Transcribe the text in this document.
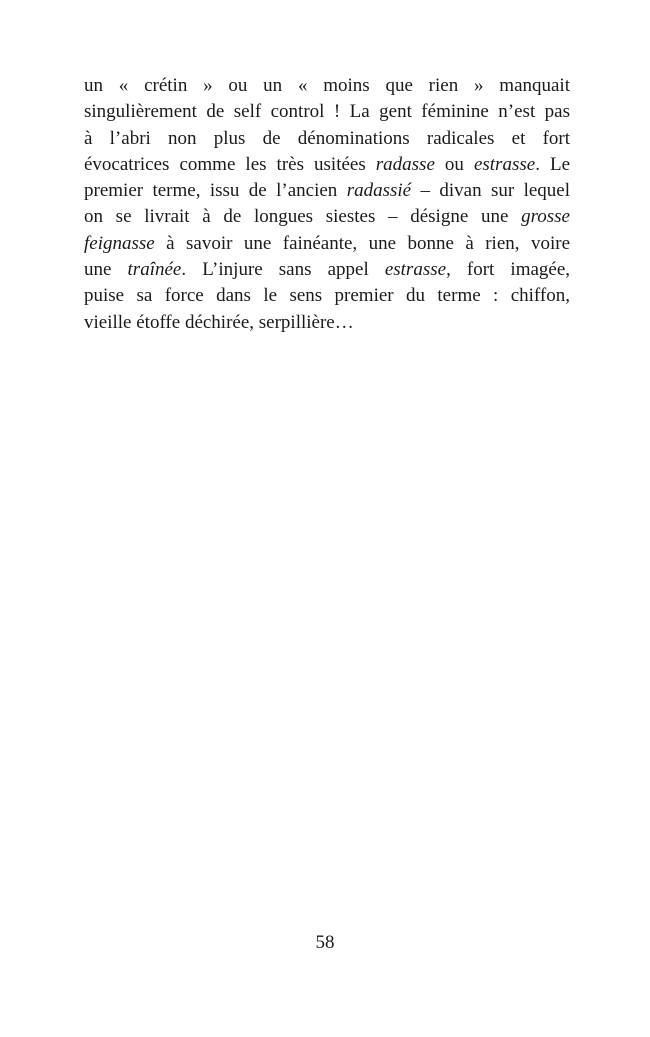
un « crétin » ou un « moins que rien » manquait
singulièrement de self control ! La gent féminine n’est pas
à l’abri non plus de dénominations radicales et fort
évocatrices comme les très usitées radasse ou estrasse. Le
premier terme, issu de l’ancien radassié – divan sur lequel
on se livrait à de longues siestes – désigne une grosse
feignasse à savoir une fainéante, une bonne à rien, voire
une traînée. L’injure sans appel estrasse, fort imagée,
puise sa force dans le sens premier du terme : chiffon,
vieille étoffe déchirée, serpillière…
58
